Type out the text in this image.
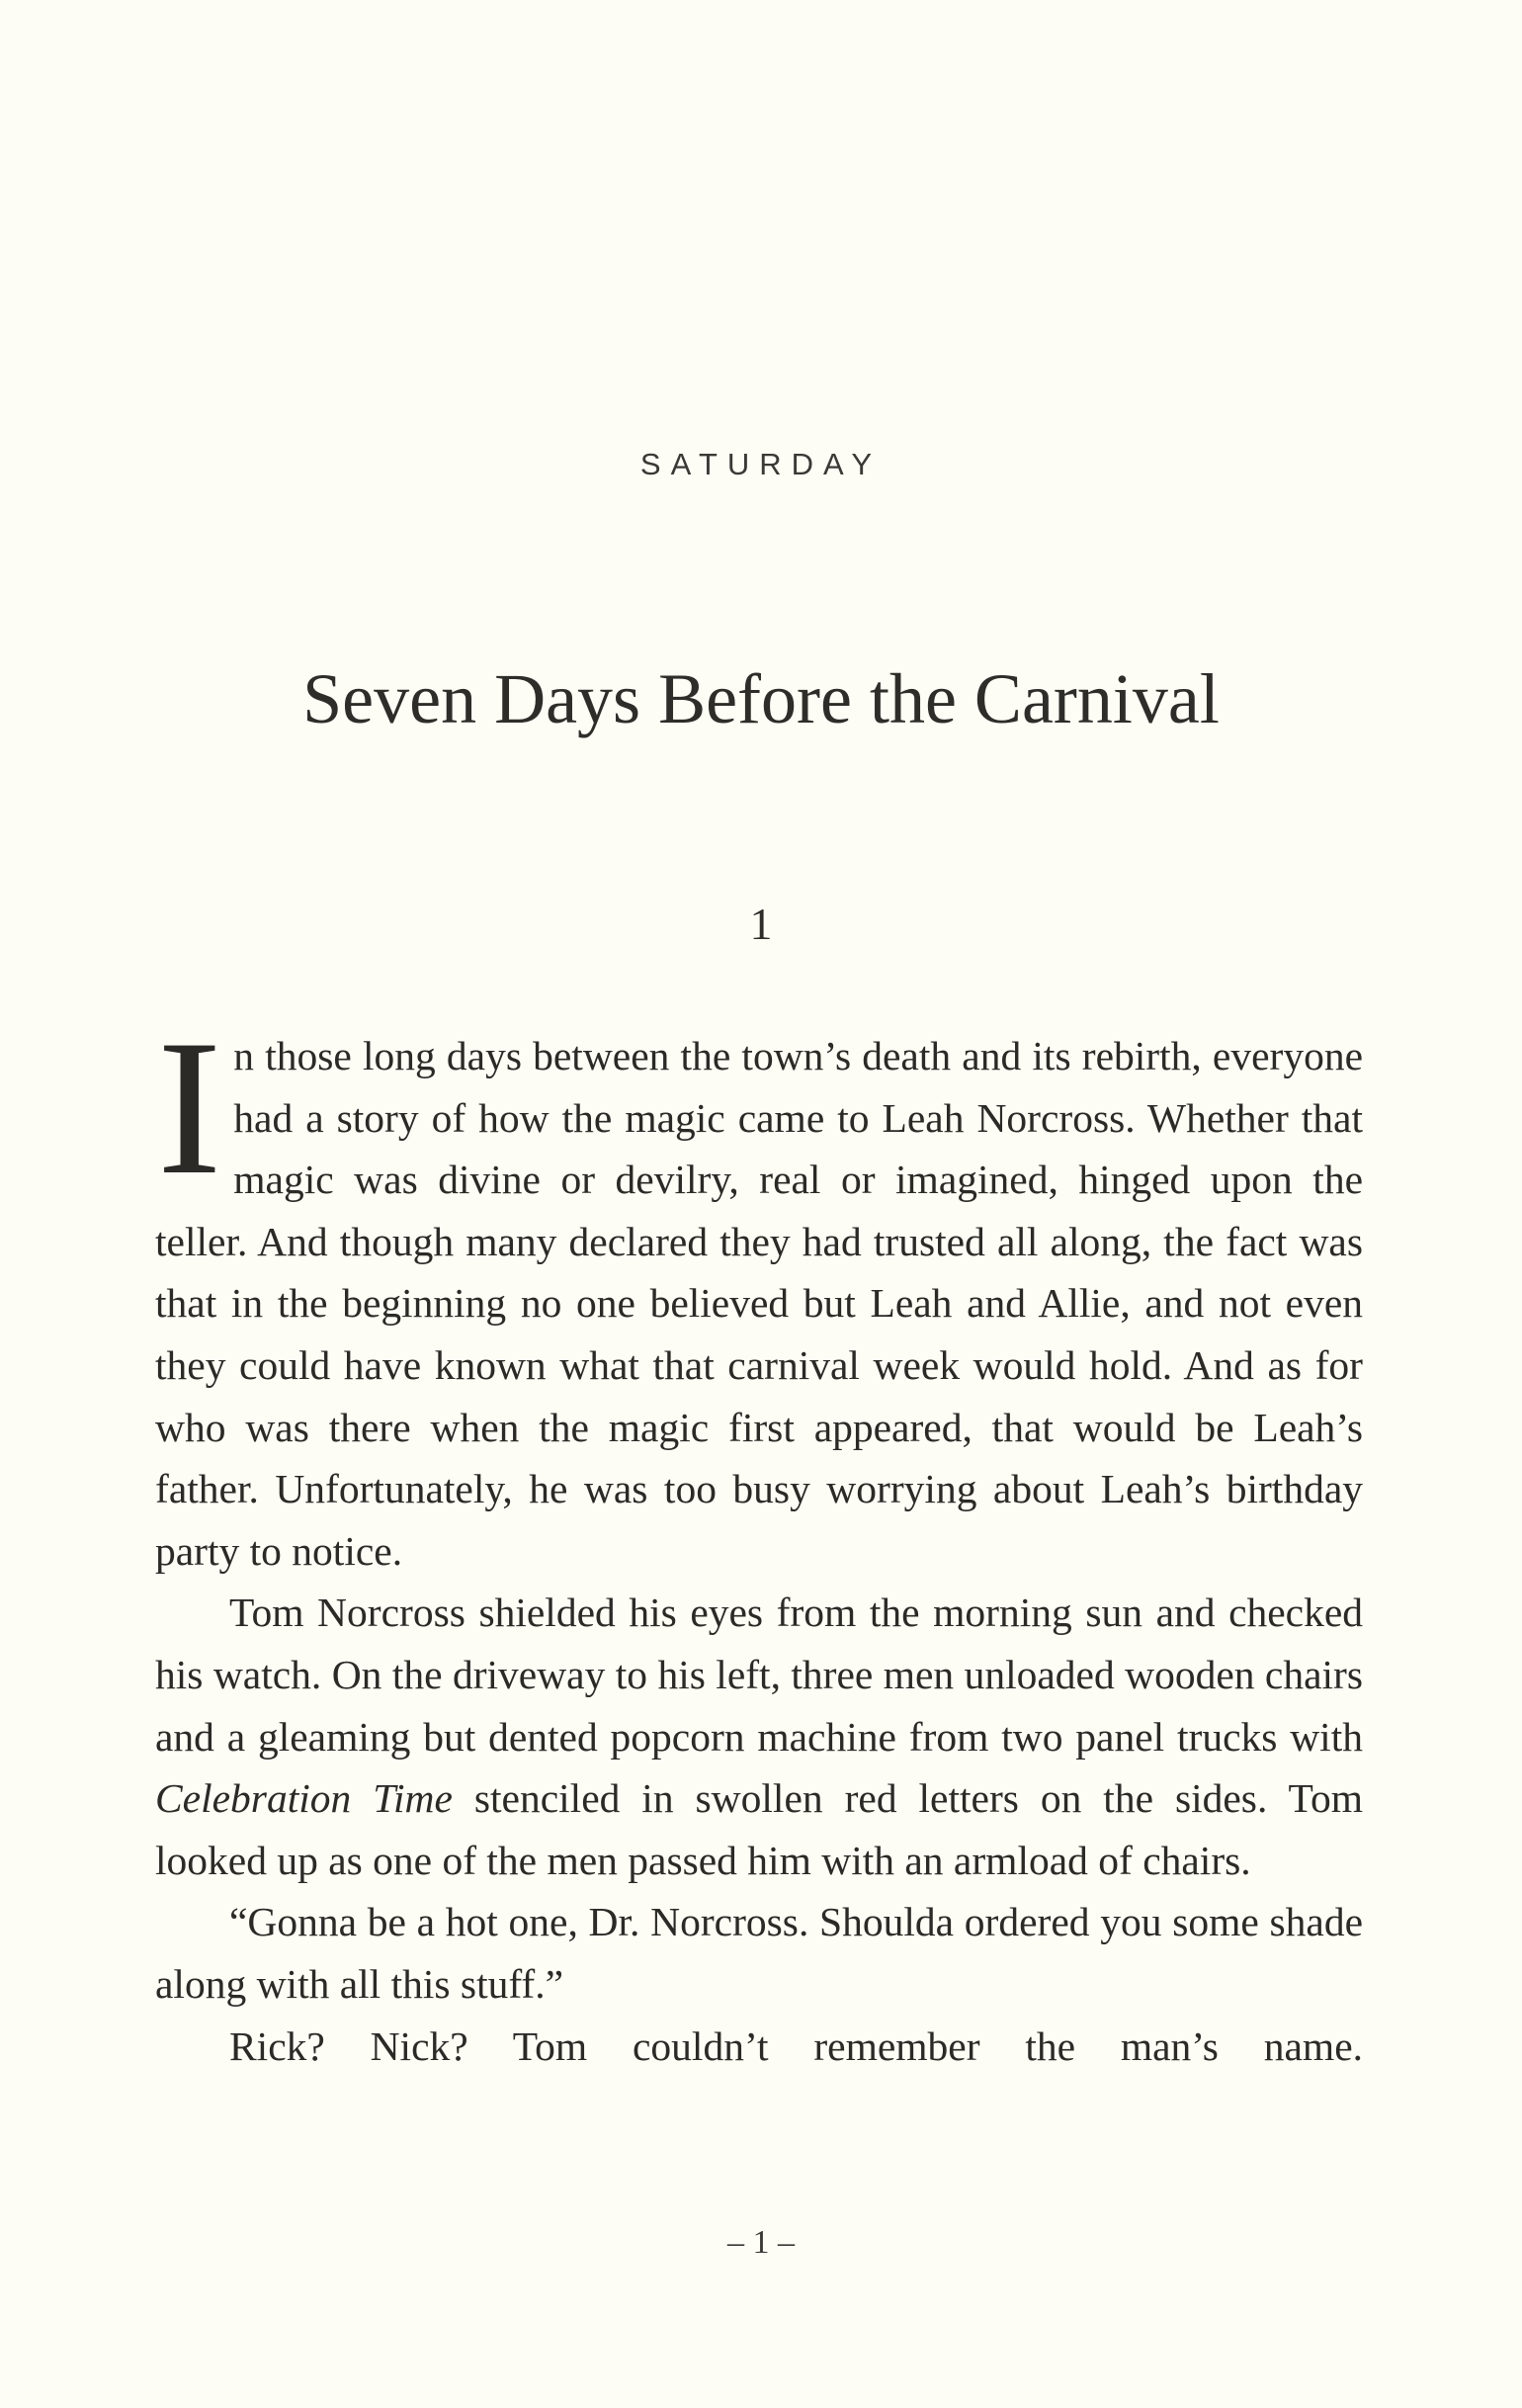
SATURDAY
Seven Days Before the Carnival
1

In those long days between the town’s death and its rebirth, everyone had a story of how the magic came to Leah Norcross. Whether that magic was divine or devilry, real or imagined, hinged upon the teller. And though many declared they had trusted all along, the fact was that in the beginning no one believed but Leah and Allie, and not even they could have known what that carnival week would hold. And as for who was there when the magic first appeared, that would be Leah’s father. Unfortunately, he was too busy worrying about Leah’s birthday party to notice.

Tom Norcross shielded his eyes from the morning sun and checked his watch. On the driveway to his left, three men unloaded wooden chairs and a gleaming but dented popcorn machine from two panel trucks with Celebration Time stenciled in swollen red letters on the sides. Tom looked up as one of the men passed him with an armload of chairs.

“Gonna be a hot one, Dr. Norcross. Shoulda ordered you some shade along with all this stuff.”

Rick? Nick? Tom couldn’t remember the man’s name.

– 1 –
